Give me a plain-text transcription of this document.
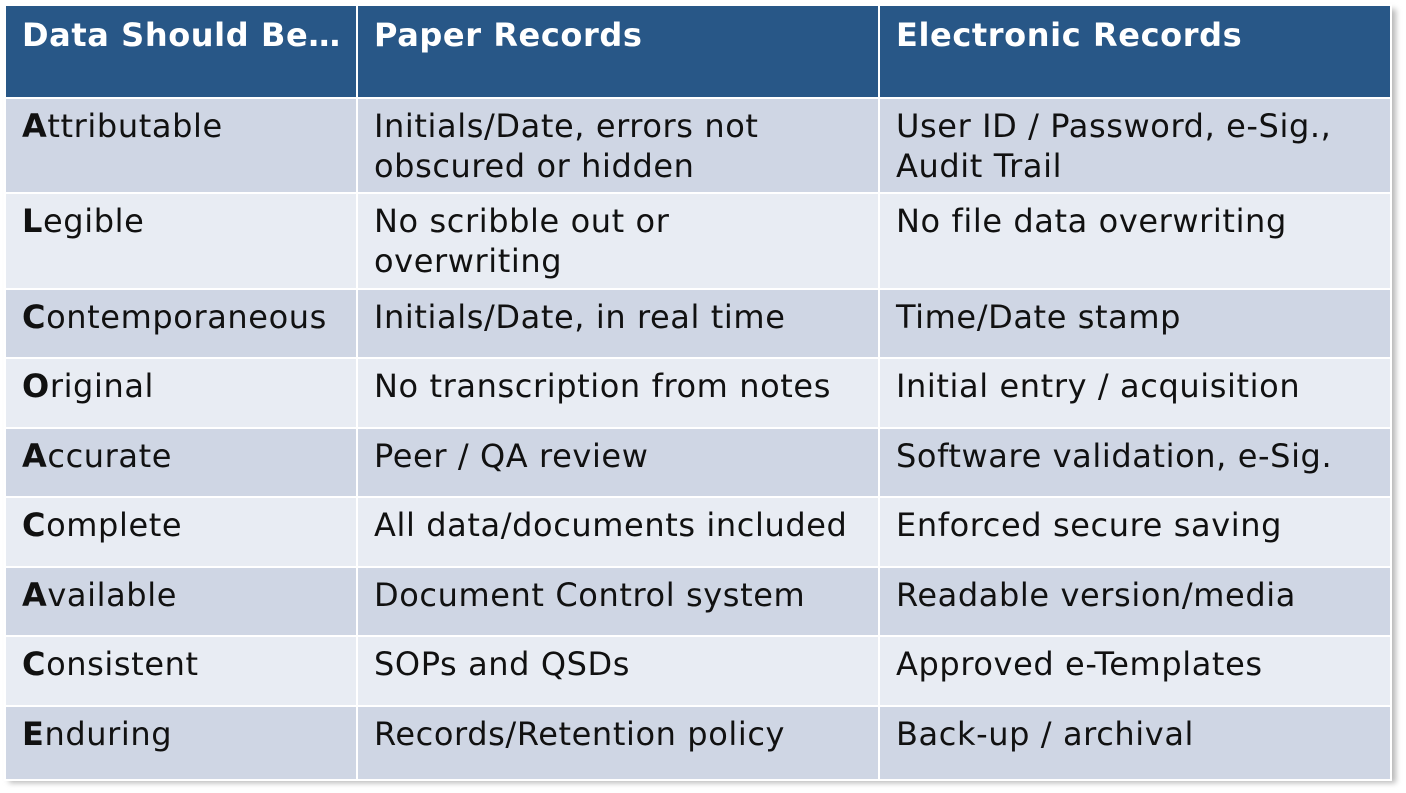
Data Should Be…	Paper Records	Electronic Records
Attributable	Initials/Date, errors not obscured or hidden	User ID / Password, e-Sig., Audit Trail
Legible	No scribble out or overwriting	No file data overwriting
Contemporaneous	Initials/Date, in real time	Time/Date stamp
Original	No transcription from notes	Initial entry / acquisition
Accurate	Peer / QA review	Software validation, e-Sig.
Complete	All data/documents included	Enforced secure saving
Available	Document Control system	Readable version/media
Consistent	SOPs and QSDs	Approved e-Templates
Enduring	Records/Retention policy	Back-up / archival
